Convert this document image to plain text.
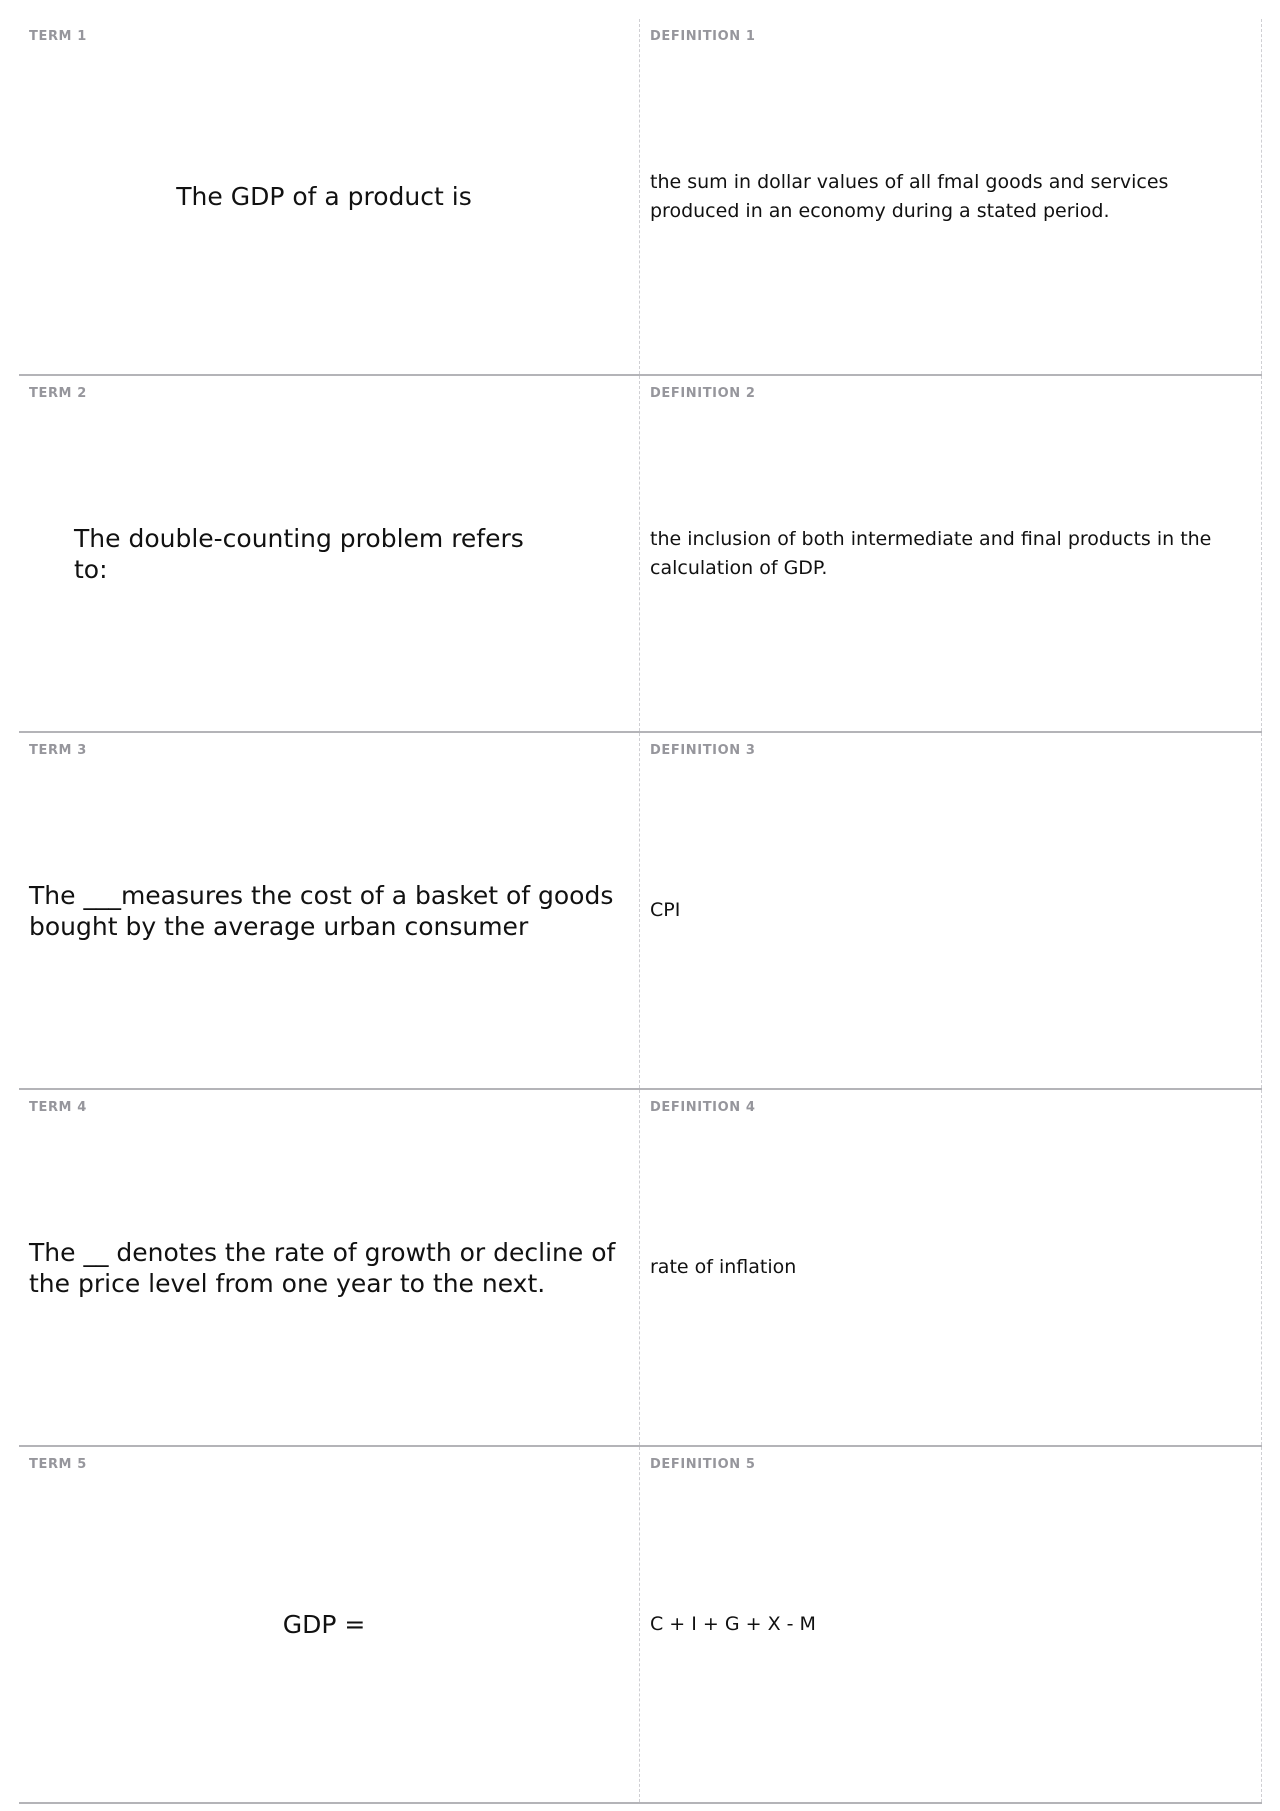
TERM 1
The GDP of a product is
DEFINITION 1
the sum in dollar values of all fmal goods and services produced in an economy during a stated period.
TERM 2
The double-counting problem refers to:
DEFINITION 2
the inclusion of both intermediate and final products in the calculation of GDP.
TERM 3
The ___measures the cost of a basket of goods bought by the average urban consumer
DEFINITION 3
CPI
TERM 4
The __ denotes the rate of growth or decline of the price level from one year to the next.
DEFINITION 4
rate of inflation
TERM 5
GDP =
DEFINITION 5
C + I + G + X - M
